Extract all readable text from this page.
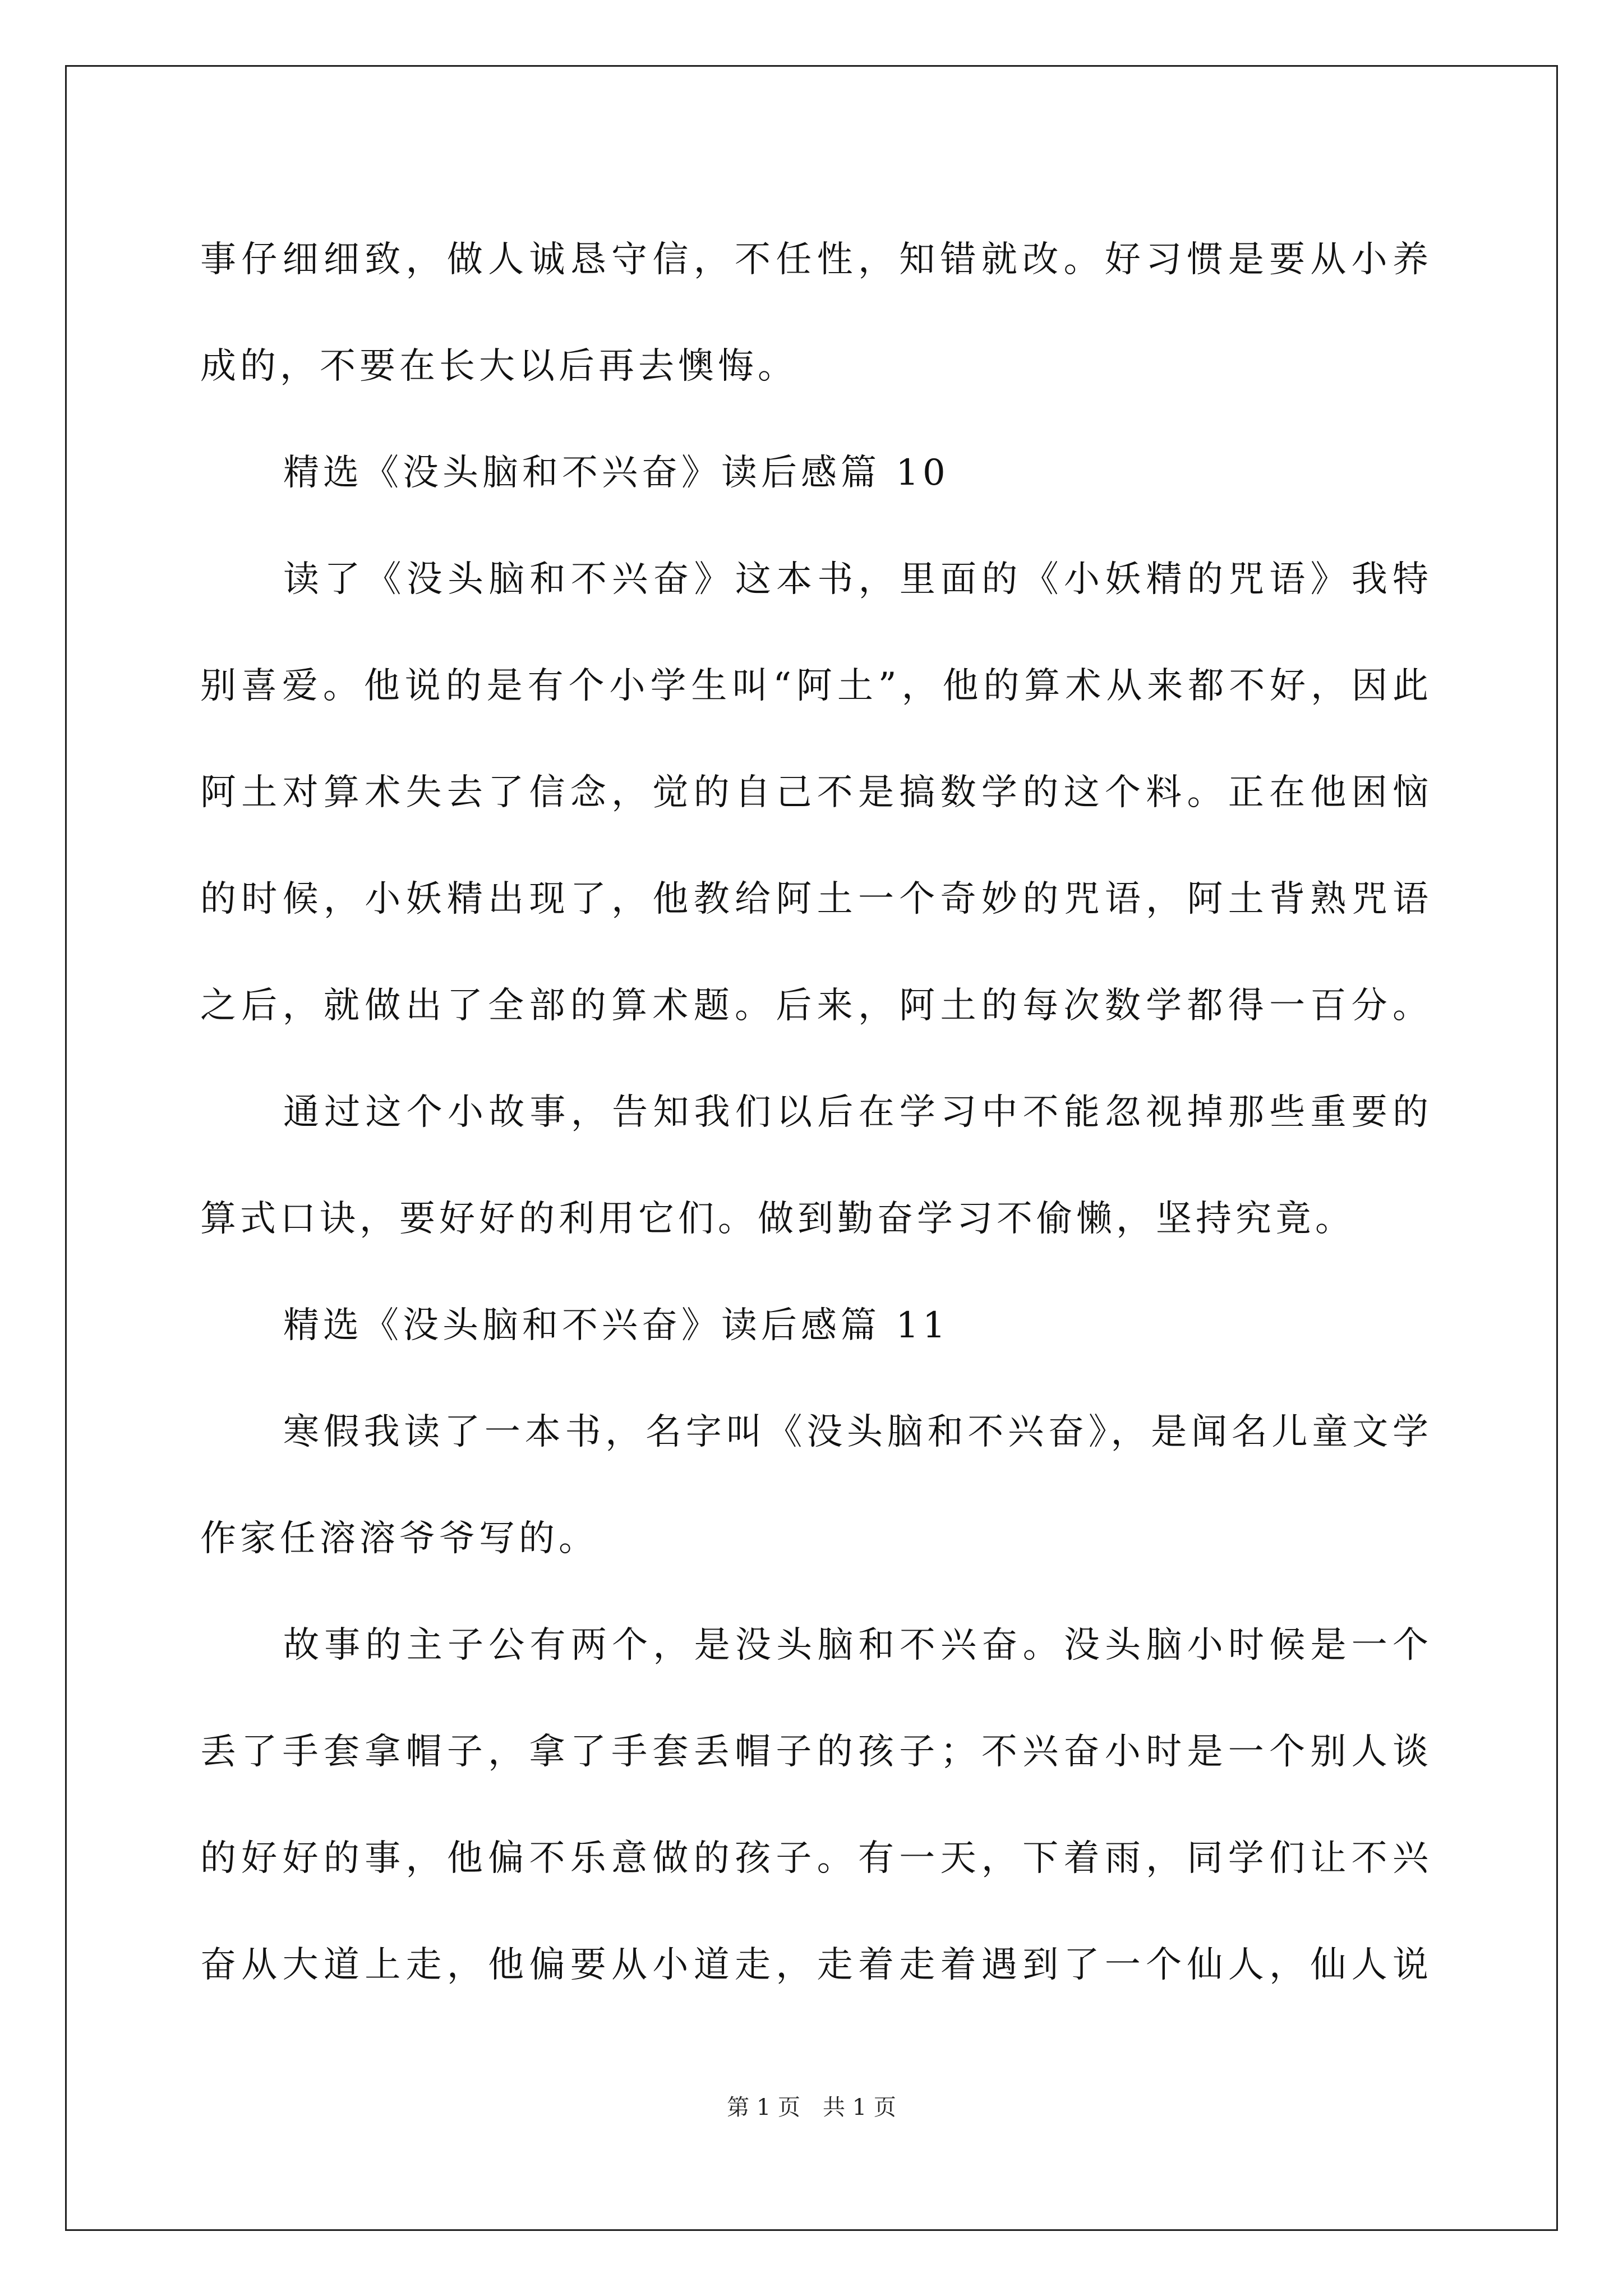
事仔细细致，做人诚恳守信，不任性，知错就改。好习惯是要从小养
成的，不要在长大以后再去懊悔。
精选《没头脑和不兴奋》读后感篇 10
读了《没头脑和不兴奋》这本书，里面的《小妖精的咒语》我特
别喜爱。他说的是有个小学生叫“阿土”，他的算术从来都不好，因此
阿土对算术失去了信念，觉的自己不是搞数学的这个料。正在他困恼
的时候，小妖精出现了，他教给阿土一个奇妙的咒语，阿土背熟咒语
之后，就做出了全部的算术题。后来，阿土的每次数学都得一百分。
通过这个小故事，告知我们以后在学习中不能忽视掉那些重要的
算式口诀，要好好的利用它们。做到勤奋学习不偷懒，坚持究竟。
精选《没头脑和不兴奋》读后感篇 11
寒假我读了一本书，名字叫《没头脑和不兴奋》，是闻名儿童文学
作家任溶溶爷爷写的。
故事的主子公有两个，是没头脑和不兴奋。没头脑小时候是一个
丢了手套拿帽子，拿了手套丢帽子的孩子；不兴奋小时是一个别人谈
的好好的事，他偏不乐意做的孩子。有一天，下着雨，同学们让不兴
奋从大道上走，他偏要从小道走，走着走着遇到了一个仙人，仙人说
第 1 页 共 1 页
